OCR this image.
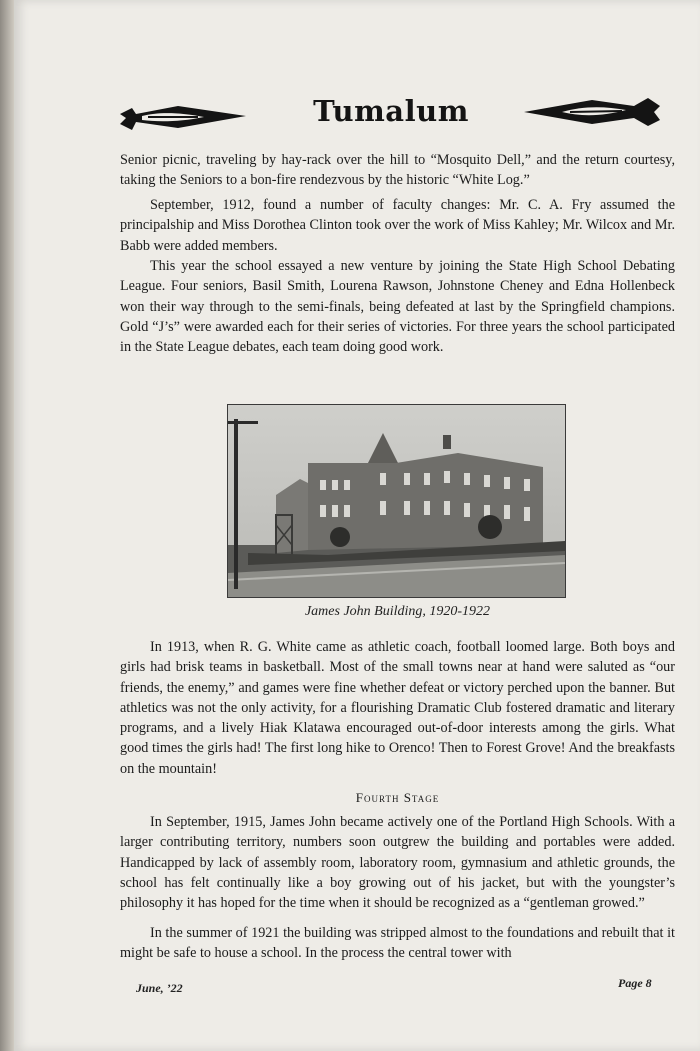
Tumalum

Senior picnic, traveling by hay-rack over the hill to “Mosquito Dell,” and the return courtesy, taking the Seniors to a bon-fire rendezvous by the historic “White Log.”

September, 1912, found a number of faculty changes: Mr. C. A. Fry assumed the principalship and Miss Dorothea Clinton took over the work of Miss Kahley; Mr. Wilcox and Mr. Babb were added members.

This year the school essayed a new venture by joining the State High School Debating League. Four seniors, Basil Smith, Lourena Rawson, Johnstone Cheney and Edna Hollenbeck won their way through to the semi-finals, being defeated at last by the Springfield champions. Gold “J’s” were awarded each for their series of victories. For three years the school participated in the State League debates, each team doing good work.

James John Building, 1920-1922

In 1913, when R. G. White came as athletic coach, football loomed large. Both boys and girls had brisk teams in basketball. Most of the small towns near at hand were saluted as “our friends, the enemy,” and games were fine whether defeat or victory perched upon the banner. But athletics was not the only activity, for a flourishing Dramatic Club fostered dramatic and literary programs, and a lively Hiak Klatawa encouraged out-of-door interests among the girls. What good times the girls had! The first long hike to Orenco! Then to Forest Grove! And the breakfasts on the mountain!

Fourth Stage

In September, 1915, James John became actively one of the Portland High Schools. With a larger contributing territory, numbers soon outgrew the building and portables were added. Handicapped by lack of assembly room, laboratory room, gymnasium and athletic grounds, the school has felt continually like a boy growing out of his jacket, but with the youngster’s philosophy it has hoped for the time when it should be recognized as a “gentleman growed.”

In the summer of 1921 the building was stripped almost to the foundations and rebuilt that it might be safe to house a school. In the process the central tower with

June, ’22	Page 8
